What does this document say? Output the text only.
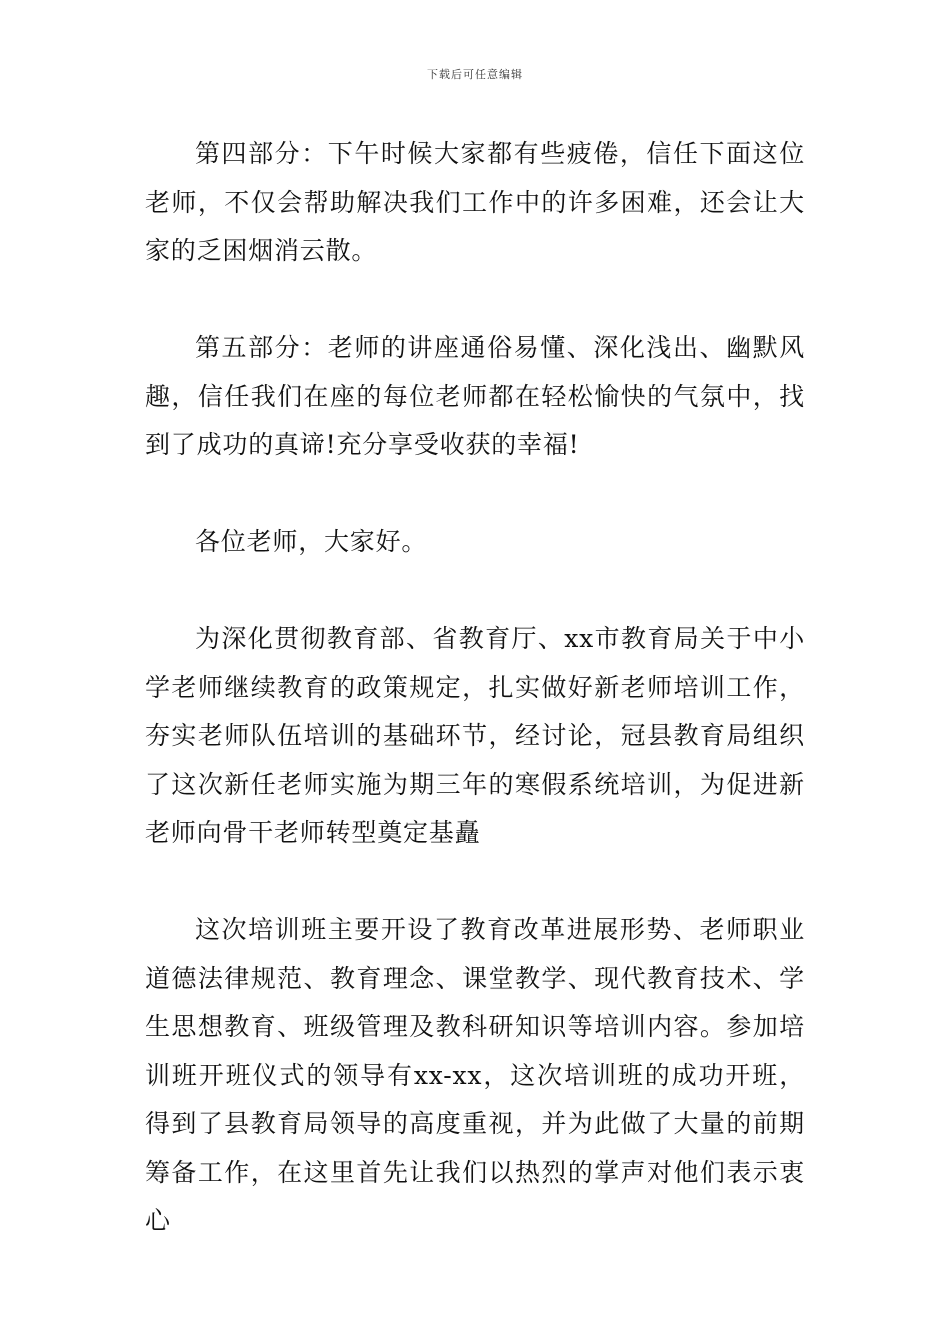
下载后可任意编辑

第四部分：下午时候大家都有些疲倦，信任下面这位老师，不仅会帮助解决我们工作中的许多困难，还会让大家的乏困烟消云散。

第五部分：老师的讲座通俗易懂、深化浅出、幽默风趣，信任我们在座的每位老师都在轻松愉快的气氛中，找到了成功的真谛!充分享受收获的幸福!

各位老师，大家好。

为深化贯彻教育部、省教育厅、xx市教育局关于中小学老师继续教育的政策规定，扎实做好新老师培训工作，夯实老师队伍培训的基础环节，经讨论，冠县教育局组织了这次新任老师实施为期三年的寒假系统培训，为促进新老师向骨干老师转型奠定基矗

这次培训班主要开设了教育改革进展形势、老师职业道德法律规范、教育理念、课堂教学、现代教育技术、学生思想教育、班级管理及教科研知识等培训内容。参加培训班开班仪式的领导有xx-xx，这次培训班的成功开班，得到了县教育局领导的高度重视，并为此做了大量的前期筹备工作，在这里首先让我们以热烈的掌声对他们表示衷心
